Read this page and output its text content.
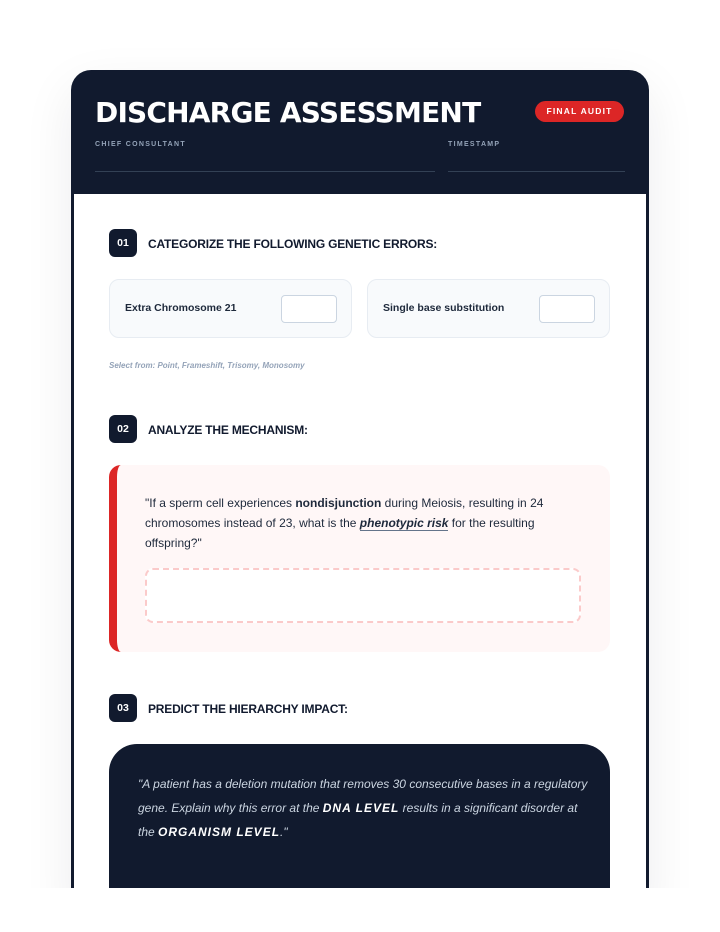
DISCHARGE ASSESSMENT	FINAL AUDIT
CHIEF CONSULTANT	TIMESTAMP
01	CATEGORIZE THE FOLLOWING GENETIC ERRORS:
Extra Chromosome 21	Single base substitution
Select from: Point, Frameshift, Trisomy, Monosomy
02	ANALYZE THE MECHANISM:
"If a sperm cell experiences nondisjunction during Meiosis, resulting in 24 chromosomes instead of 23, what is the phenotypic risk for the resulting offspring?"
03	PREDICT THE HIERARCHY IMPACT:
"A patient has a deletion mutation that removes 30 consecutive bases in a regulatory gene. Explain why this error at the DNA LEVEL results in a significant disorder at the ORGANISM LEVEL."
